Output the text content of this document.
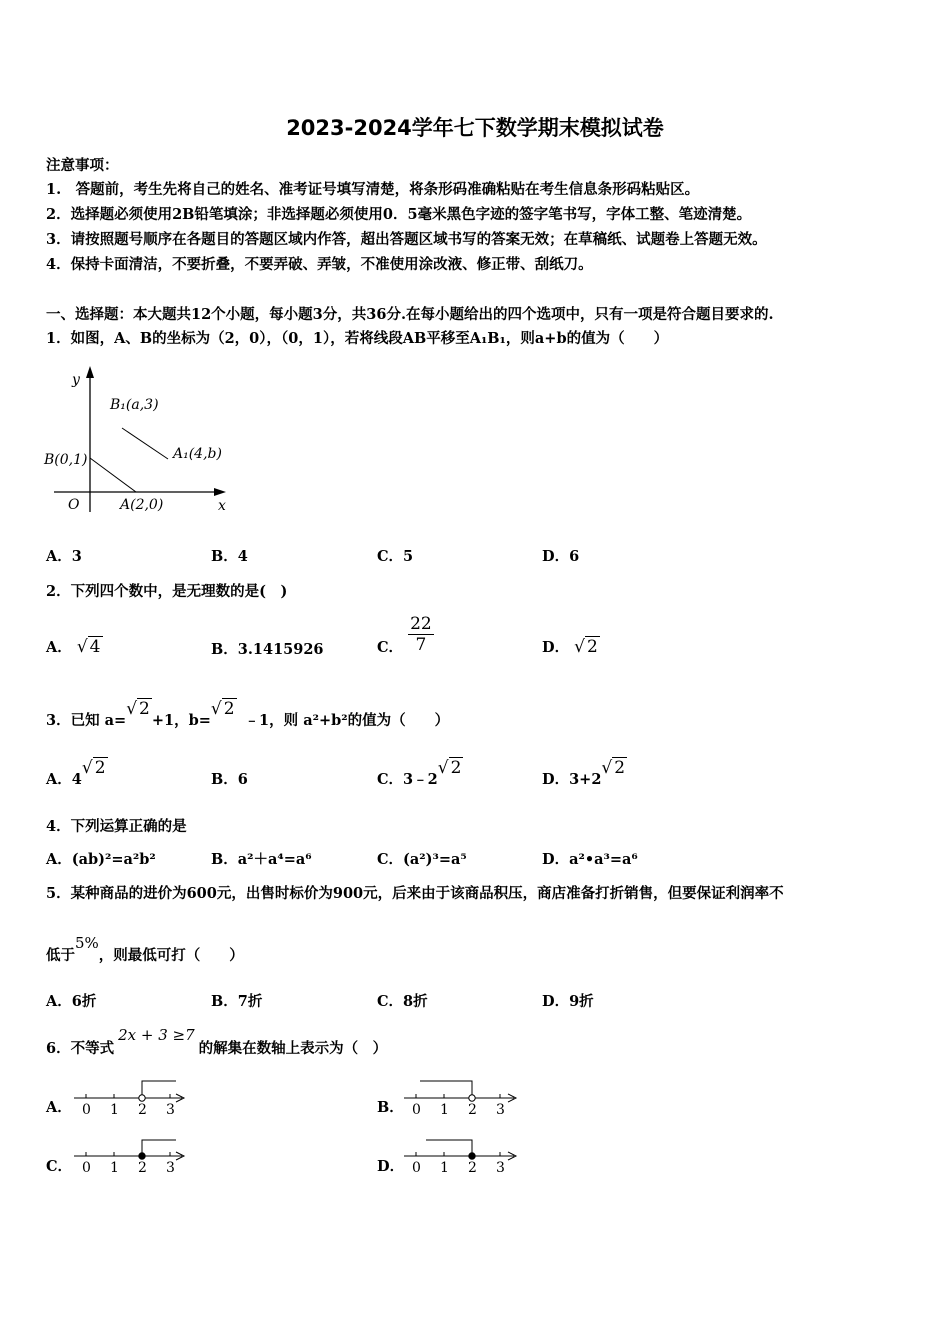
2023-2024学年七下数学期末模拟试卷
注意事项：
1.　答题前，考生先将自己的姓名、准考证号填写清楚，将条形码准确粘贴在考生信息条形码粘贴区。
2．选择题必须使用2B铅笔填涂；非选择题必须使用0．5毫米黑色字迹的签字笔书写，字体工整、笔迹清楚。
3．请按照题号顺序在各题目的答题区域内作答，超出答题区域书写的答案无效；在草稿纸、试题卷上答题无效。
4．保持卡面清洁，不要折叠，不要弄破、弄皱，不准使用涂改液、修正带、刮纸刀。
一、选择题：本大题共12个小题，每小题3分，共36分.在每小题给出的四个选项中，只有一项是符合题目要求的.
1．如图，A、B的坐标为（2，0），（0，1），若将线段AB平移至A₁B₁，则a+b的值为（　　）
y
x
O
B(0,1)
A(2,0)
B₁(a,3)
A₁(4,b)
A．3	B．4	C．5	D．6
2．下列四个数中，是无理数的是(　)
A． √ 4	B．3.1415926	C． $\frac{22}{7}$	D． √ 2
3．已知 a=√ 2+1，b=√ 2﹣1，则 a²+b²的值为（　　）
A．4√ 2
B．6	C．3﹣2√ 2
D．3+2√ 2
4．下列运算正确的是
A．(ab)²=a²b²	B．a²＋a⁴=a⁶	C．(a²)³=a⁵	D．a²•a³=a⁶
5．某种商品的进价为600元，出售时标价为900元，后来由于该商品积压，商店准备打折销售，但要保证利润率不
低于5%，则最低可打（　　）
A．6折	B．7折	C．8折	D．9折
6．不等式2x + 3 ≥7的解集在数轴上表示为（　）
A． 0 1 2 3	B． 0 1 2 3
C． 0 1 2 3	D． 0 1 2 3
